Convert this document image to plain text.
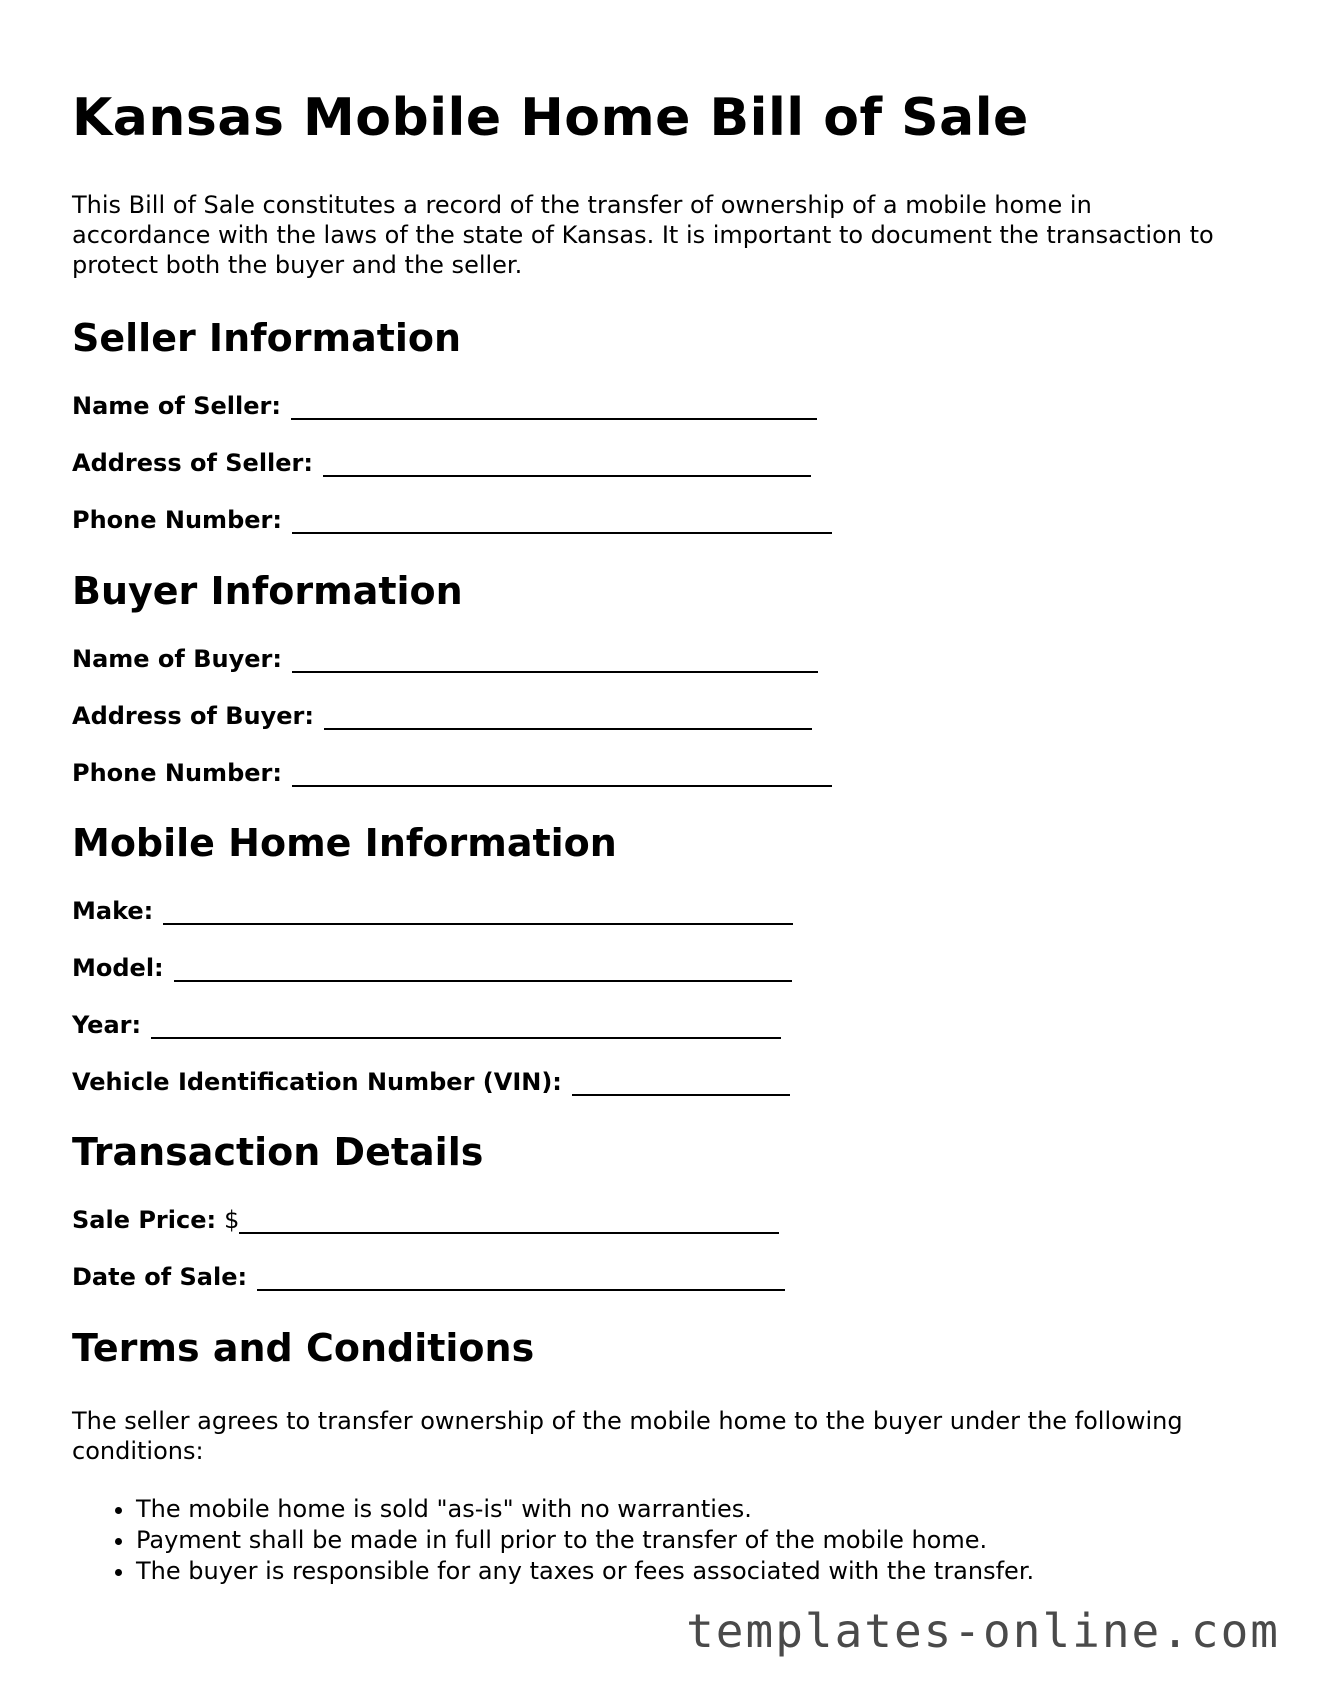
Kansas Mobile Home Bill of Sale

This Bill of Sale constitutes a record of the transfer of ownership of a mobile home in accordance with the laws of the state of Kansas. It is important to document the transaction to protect both the buyer and the seller.

Seller Information
Name of Seller:
Address of Seller:
Phone Number:
Buyer Information
Name of Buyer:
Address of Buyer:
Phone Number:
Mobile Home Information
Make:
Model:
Year:
Vehicle Identification Number (VIN):
Transaction Details
Sale Price: $
Date of Sale:
Terms and Conditions

The seller agrees to transfer ownership of the mobile home to the buyer under the following conditions:

• The mobile home is sold "as-is" with no warranties.
• Payment shall be made in full prior to the transfer of the mobile home.
• The buyer is responsible for any taxes or fees associated with the transfer.
templates-online.com
